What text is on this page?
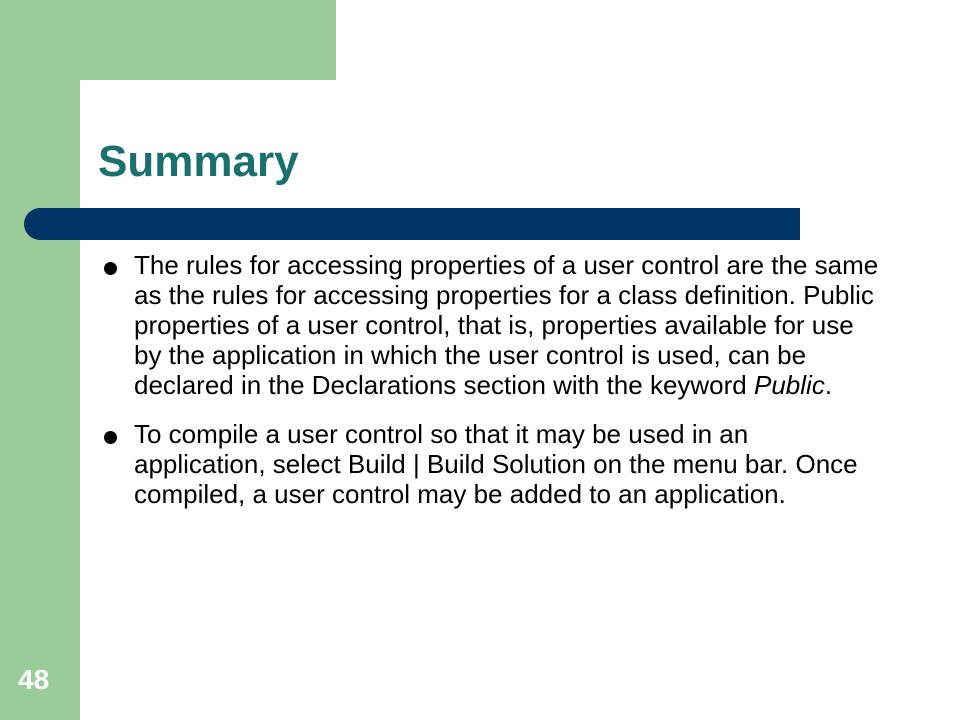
Summary
The rules for accessing properties of a user control are the same as the rules for accessing properties for a class definition. Public properties of a user control, that is, properties available for use by the application in which the user control is used, can be declared in the Declarations section with the keyword Public.
To compile a user control so that it may be used in an application, select Build | Build Solution on the menu bar. Once compiled, a user control may be added to an application.
48
